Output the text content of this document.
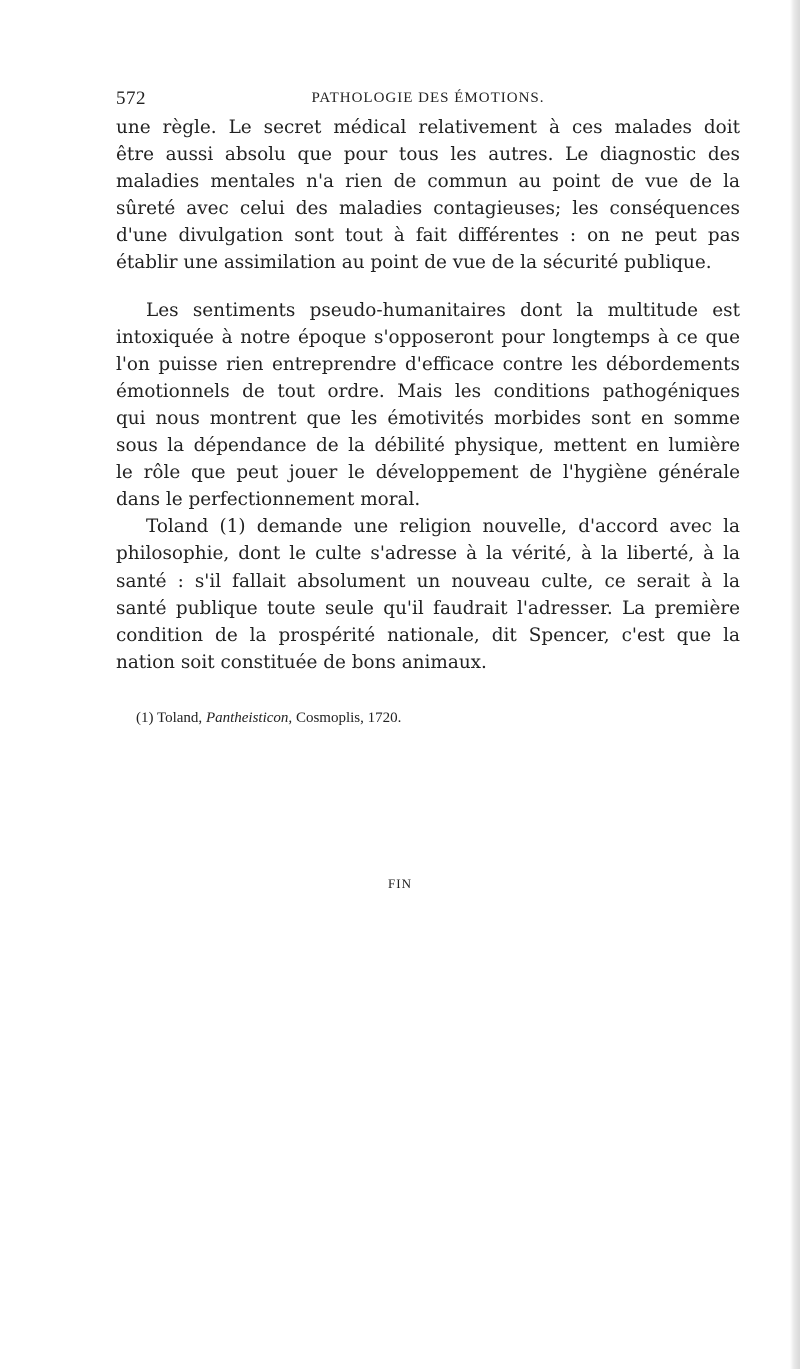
572	PATHOLOGIE DES ÉMOTIONS.
une règle. Le secret médical relativement à ces malades doit
être aussi absolu que pour tous les autres. Le diagnostic des
maladies mentales n'a rien de commun au point de vue de la
sûreté avec celui des maladies contagieuses; les conséquences
d'une divulgation sont tout à fait différentes : on ne peut pas
établir une assimilation au point de vue de la sécurité publique.
Les sentiments pseudo-humanitaires dont la multitude est
intoxiquée à notre époque s'opposeront pour longtemps à ce que
l'on puisse rien entreprendre d'efficace contre les débordements
émotionnels de tout ordre. Mais les conditions pathogéniques
qui nous montrent que les émotivités morbides sont en somme
sous la dépendance de la débilité physique, mettent en lumière
le rôle que peut jouer le développement de l'hygiène générale
dans le perfectionnement moral.
Toland (1) demande une religion nouvelle, d'accord avec la
philosophie, dont le culte s'adresse à la vérité, à la liberté, à la
santé : s'il fallait absolument un nouveau culte, ce serait à la
santé publique toute seule qu'il faudrait l'adresser. La première
condition de la prospérité nationale, dit Spencer, c'est que la
nation soit constituée de bons animaux.
(1) Toland, Pantheisticon, Cosmoplis, 1720.
FIN
